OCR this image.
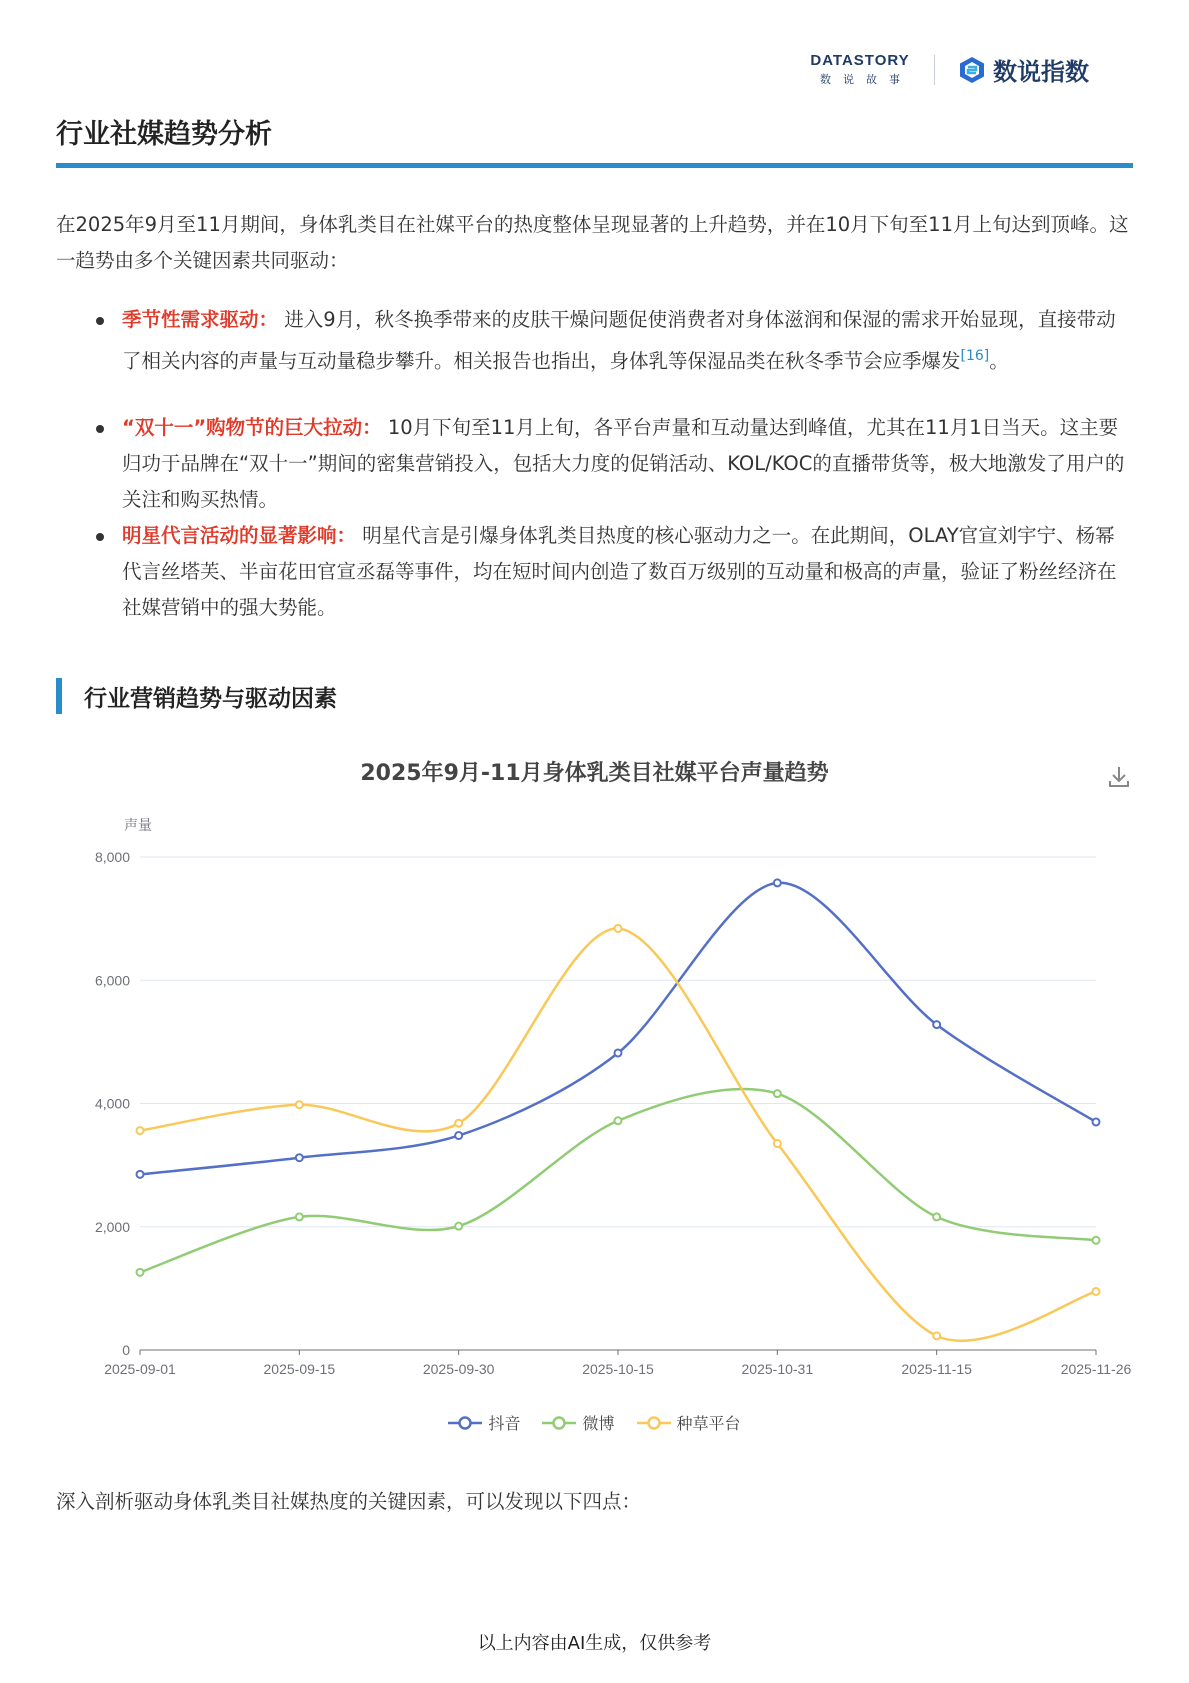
DATASTORY
数说故事	数说指数
行业社媒趋势分析
在2025年9月至11月期间，身体乳类目在社媒平台的热度整体呈现显著的上升趋势，并在10月下旬至11月上旬达到顶峰。这一趋势由多个关键因素共同驱动：
季节性需求驱动： 进入9月，秋冬换季带来的皮肤干燥问题促使消费者对身体滋润和保湿的需求开始显现，直接带动了相关内容的声量与互动量稳步攀升。相关报告也指出，身体乳等保湿品类在秋冬季节会应季爆发[16]。
“双十一”购物节的巨大拉动： 10月下旬至11月上旬，各平台声量和互动量达到峰值，尤其在11月1日当天。这主要归功于品牌在“双十一”期间的密集营销投入，包括大力度的促销活动、KOL/KOC的直播带货等，极大地激发了用户的关注和购买热情。
明星代言活动的显著影响： 明星代言是引爆身体乳类目热度的核心驱动力之一。在此期间，OLAY官宣刘宇宁、杨幂代言丝塔芙、半亩花田官宣丞磊等事件，均在短时间内创造了数百万级别的互动量和极高的声量，验证了粉丝经济在社媒营销中的强大势能。
行业营销趋势与驱动因素
2025年9月-11月身体乳类目社媒平台声量趋势
0
2,000
4,000
6,000
8,000
声量
2025-09-01	2025-09-15	2025-09-30	2025-10-15	2025-10-31	2025-11-15	2025-11-26
抖音	微博	种草平台
深入剖析驱动身体乳类目社媒热度的关键因素，可以发现以下四点：
以上内容由AI生成，仅供参考
